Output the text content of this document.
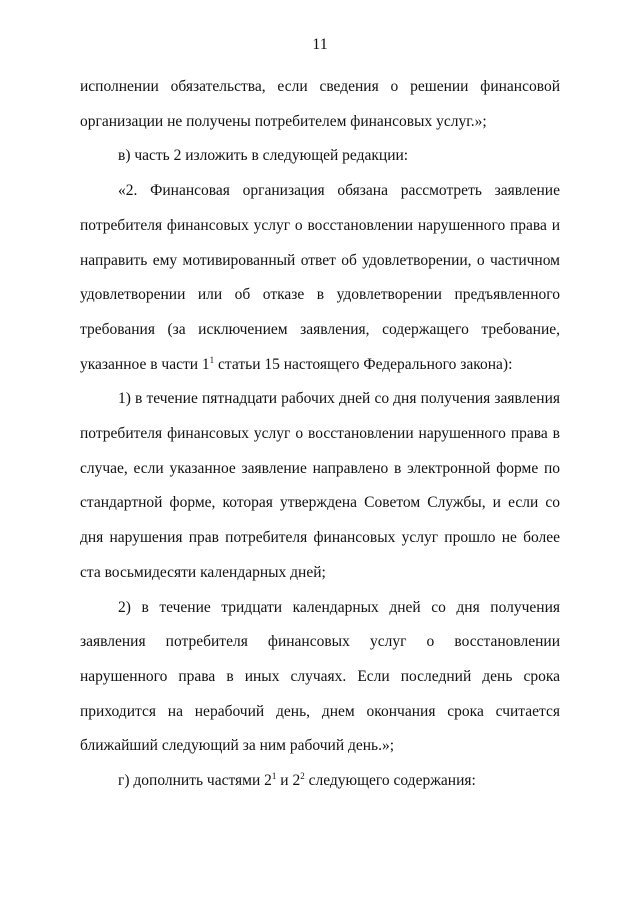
11

исполнении обязательства, если сведения о решении финансовой организации не получены потребителем финансовых услуг.»;

в) часть 2 изложить в следующей редакции:

«2. Финансовая организация обязана рассмотреть заявление потребителя финансовых услуг о восстановлении нарушенного права и направить ему мотивированный ответ об удовлетворении, о частичном удовлетворении или об отказе в удовлетворении предъявленного требования (за исключением заявления, содержащего требование, указанное в части $1^1$ статьи 15 настоящего Федерального закона):

1) в течение пятнадцати рабочих дней со дня получения заявления потребителя финансовых услуг о восстановлении нарушенного права в случае, если указанное заявление направлено в электронной форме по стандартной форме, которая утверждена Советом Службы, и если со дня нарушения прав потребителя финансовых услуг прошло не более ста восьмидесяти календарных дней;

2) в течение тридцати календарных дней со дня получения заявления потребителя финансовых услуг о восстановлении нарушенного права в иных случаях. Если последний день срока приходится на нерабочий день, днем окончания срока считается ближайший следующий за ним рабочий день.»;

г) дополнить частями $2^1$ и $2^2$ следующего содержания:
